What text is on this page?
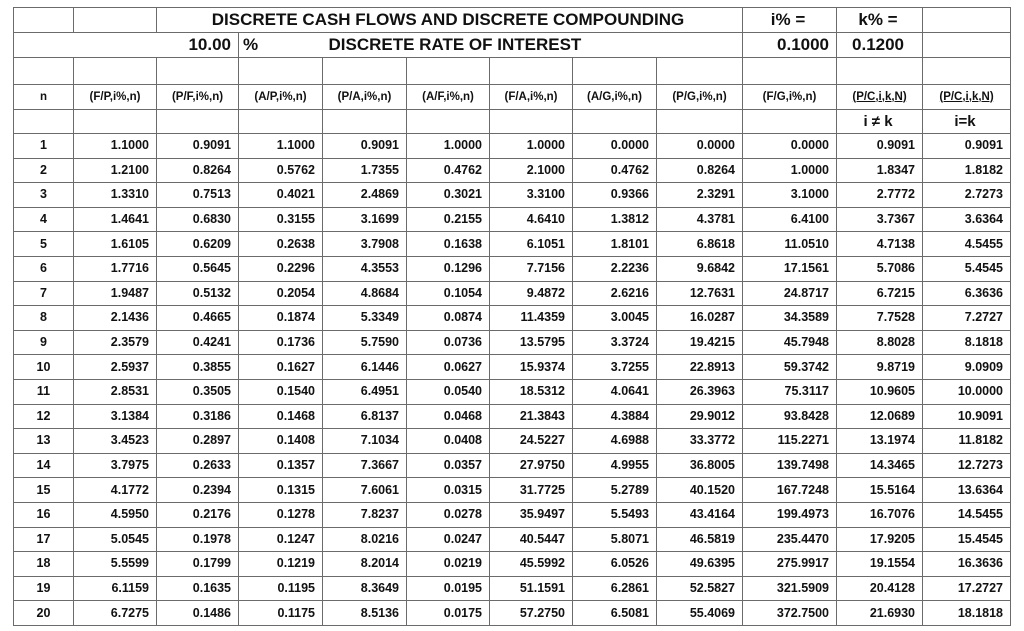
		DISCRETE CASH FLOWS AND DISCRETE COMPOUNDING							i% =	k% =	
10.00			%	DISCRETE RATE OF INTEREST					0.1000	0.1200	

n	(F/P,i%,n)	(P/F,i%,n)	(A/P,i%,n)	(P/A,i%,n)	(A/F,i%,n)	(F/A,i%,n)	(A/G,i%,n)	(P/G,i%,n)	(F/G,i%,n)	(P/C,i,k,N)	(P/C,i,k,N)
										i ≠ k	i=k
1	1.1000	0.9091	1.1000	0.9091	1.0000	1.0000	0.0000	0.0000	0.0000	0.9091	0.9091
2	1.2100	0.8264	0.5762	1.7355	0.4762	2.1000	0.4762	0.8264	1.0000	1.8347	1.8182
3	1.3310	0.7513	0.4021	2.4869	0.3021	3.3100	0.9366	2.3291	3.1000	2.7772	2.7273
4	1.4641	0.6830	0.3155	3.1699	0.2155	4.6410	1.3812	4.3781	6.4100	3.7367	3.6364
5	1.6105	0.6209	0.2638	3.7908	0.1638	6.1051	1.8101	6.8618	11.0510	4.7138	4.5455
6	1.7716	0.5645	0.2296	4.3553	0.1296	7.7156	2.2236	9.6842	17.1561	5.7086	5.4545
7	1.9487	0.5132	0.2054	4.8684	0.1054	9.4872	2.6216	12.7631	24.8717	6.7215	6.3636
8	2.1436	0.4665	0.1874	5.3349	0.0874	11.4359	3.0045	16.0287	34.3589	7.7528	7.2727
9	2.3579	0.4241	0.1736	5.7590	0.0736	13.5795	3.3724	19.4215	45.7948	8.8028	8.1818
10	2.5937	0.3855	0.1627	6.1446	0.0627	15.9374	3.7255	22.8913	59.3742	9.8719	9.0909
11	2.8531	0.3505	0.1540	6.4951	0.0540	18.5312	4.0641	26.3963	75.3117	10.9605	10.0000
12	3.1384	0.3186	0.1468	6.8137	0.0468	21.3843	4.3884	29.9012	93.8428	12.0689	10.9091
13	3.4523	0.2897	0.1408	7.1034	0.0408	24.5227	4.6988	33.3772	115.2271	13.1974	11.8182
14	3.7975	0.2633	0.1357	7.3667	0.0357	27.9750	4.9955	36.8005	139.7498	14.3465	12.7273
15	4.1772	0.2394	0.1315	7.6061	0.0315	31.7725	5.2789	40.1520	167.7248	15.5164	13.6364
16	4.5950	0.2176	0.1278	7.8237	0.0278	35.9497	5.5493	43.4164	199.4973	16.7076	14.5455
17	5.0545	0.1978	0.1247	8.0216	0.0247	40.5447	5.8071	46.5819	235.4470	17.9205	15.4545
18	5.5599	0.1799	0.1219	8.2014	0.0219	45.5992	6.0526	49.6395	275.9917	19.1554	16.3636
19	6.1159	0.1635	0.1195	8.3649	0.0195	51.1591	6.2861	52.5827	321.5909	20.4128	17.2727
20	6.7275	0.1486	0.1175	8.5136	0.0175	57.2750	6.5081	55.4069	372.7500	21.6930	18.1818
